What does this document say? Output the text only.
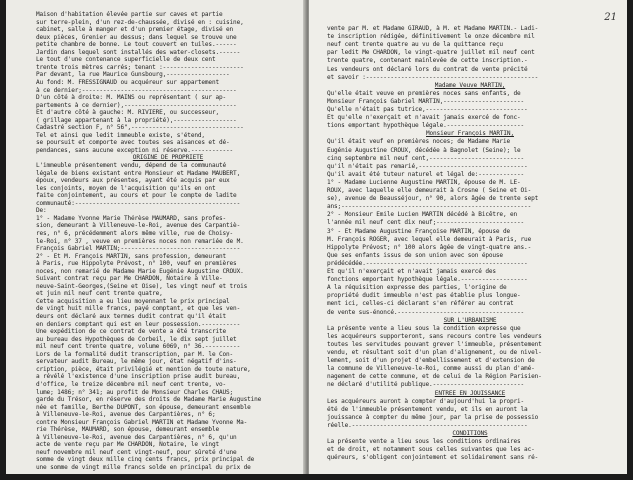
Maison d'habitation élevée partie sur caves et partie
sur terre-plein, d'un rez-de-chaussée, divisé en : cuisine,
cabinet, salle à manger et d'un premier étage, divisé en
deux pièces, Grenier au dessus; dans lequel se trouve une
petite chambre de bonne. Le tout couvert en tuiles.------
Jardin dans lequel sont installés des water-closets.------
Le tout d'une contenance superficielle de deux cent
trente trois mètres carrés; tenant :-----------------------
Par devant, la rue Maurice Gunsbourg,------------------
Au fond: M. FRESSIGNAUD ou acquéreur sur appartement
à ce dernier;--------------------------------------------
D'un côté à droite: M. MAINS ou représentant ( sur ap-
partements à ce dernier),--------------------------------
Et d'autre côté à gauche: M. RIVIERE, ou successeur,
( grillage appartenant à la propriété),------------------
Cadastré section F, n° 56",--------------------------------
Tel et ainsi que ledit immeuble existe, s'étend,
se poursuit et comporte avec toutes ses aisances et dé-
pendances, sans aucune exception ni réserve.------------
ORIGINE DE PROPRIETE
L'immeuble présentement vendu, dépend de la communauté
légale de biens existant entre Monsieur et Madame MAUBERT,
époux, vendeurs aux présentes, ayant été acquis par eux
les conjoints, moyen de l'acquisition qu'ils en ont
faite conjointement, au cours et pour le compte de ladite
communauté:-----------------------------------------------
De:
1° - Madame Yvonne Marie Thérèse MAUMARD, sans profes-
sion, demeurant à Villeneuve-le-Roi, avenue des Carpantiè-
res, n° 6, précédemment alors même ville, rue de Choisy-
le-Roi, n° 37 , veuve en premières noces non remariée de M.
François Gabriel MARTIN;----------------------------------
2° - Et M. François MARTIN, sans profession, demeurant
à Paris, rue Hippolyte Prévost, n° 100, veuf en premières
noces, non remarié de Madame Marie Eugénie Augustine CROUX.
Suivant contrat reçu par Me CHARDON, Notaire à Ville-
neuve-Saint-Georges,(Seine et Oise), les vingt neuf et trois
et juin mil neuf cent trente quatre,
Cette acquisition a eu lieu moyennant le prix principal
de vingt huit mille francs, payé comptant, et que les ven-
deurs ont déclaré aux termes dudit contrat qu'il était
en deniers comptant qui est en leur possession.-----------
Une expédition de ce contrat de vente a été transcrite
au bureau des Hypothèques de Corbeil, le dix sept juillet
mil neuf cent trente quatre, volume 6069, n° 36.----------
Lors de la formalité dudit transcription, par M. le Con-
servateur audit Bureau, le même jour, état négatif d'ins-
cription, pièce, était privilégié et mention de toute nature,
a révélé l'existence d'une inscription prise audit bureau,
d'office, le treize décembre mil neuf cent trente, vo-
lume; 1486; n° 341; au profit de Monsieur Charles CHAUS;
garde du Trésor, en réserve des droits de Madame Marie Augustine
née et famille, Berthe DUPONT, son épouse, demeurant ensemble
à Villeneuve-le-Roi, avenue des Carpantières, n° 6;
contre Monsieur François Gabriel MARTIN et Madame Yvonne Ma-
rie Thérèse, MAUMARD, son épouse, demeurant ensemble
à Villeneuve-le-Roi, avenue des Carpantières, n° 6, qu'un
acte de vente reçu par Me CHARDON, Notaire, le vingt
neuf novembre mil neuf cent vingt-neuf, pour sûreté d'une
somme de vingt deux mille cinq cents francs, prix principal de
une somme de vingt mille francs solde en principal du prix de
21
vente par M. et Madame GIRAUD, à M. et Madame MARTIN.- Ladi-
te inscription rédigée, définitivement le onze décembre mil
neuf cent trente quatre au vu de la quittance reçu
par ledit Me CHARDON, le vingt-quatre juillet mil neuf cent
trente quatre, contenant mainlevée de cette inscription.-
Les vendeurs ont déclaré lors du contrat de vente précité
et savoir :-------------------------------------------------
Madame Veuve MARTIN,
Qu'elle était veuve en premières noces sans enfants, de
Monsieur François Gabriel MARTIN,-----------------------
Qu'elle n'était pas tutrice,-----------------------------
Et qu'elle n'exerçait et n'avait jamais exercé de fonc-
tions emportant hypothèque légale.----------------------
Monsieur François MARTIN,
Qu'il était veuf en premières noces; de Madame Marie
Eugénie Augustine CROUX, décédée à Bagnolet (Seine); le
cinq septembre mil neuf cent,---------------------------
qu'il n'était pas remarié,-------------------------------
Qu'il avait été tuteur naturel et légal de:-------------
1° - Madame Lucienne Augustine MARTIN, épouse de M. LE-
ROUX, avec laquelle elle demeurait à Crosne ( Seine et Oi-
se), avenue de Beausséjour, n° 90, alors âgée de trente sept
ans;------------------------------------------------------
2° - Monsieur Emile Lucien MARTIN décédé à Bicêtre, en
l'année mil neuf cent dix neuf;-------------------------
3° - Et Madame Augustine Françoise MARTIN, épouse de
M. François ROGER, avec lequel elle demeurait à Paris, rue
Hippolyte Prévost; n° 100 alors âgée de vingt-quatre ans.-
Que ses enfants issus de son union avec son épouse
prédécédée.----------------------------------------------
Et qu'il n'exerçait et n'avait jamais exercé des
fonctions emportant hypothèque légale.-------------------
A la réquisition expresse des parties, l'origine de
propriété dudit immeuble n'est pas établie plus longue-
ment ici, celles-ci déclarant s'en référer au contrat
de vente sus-énoncé.------------------------------------
SUR L'URBANISME
La présente vente a lieu sous la condition expresse que
les acquéreurs supporteront, sans recours contre les vendeurs
toutes les servitudes pouvant grever l'immeuble, présentement
vendu, et résultant soit d'un plan d'alignement, ou de nivel-
lement, soit d'un projet d'embellissement et d'extension de
la commune de Villeneuve-le-Roi, comme aussi du plan d'amé-
nagement de cette commune, et de celui de la Région Parisien-
ne déclaré d'utilité publique.--------------------------
ENTREE EN JOUISSANCE
Les acquéreurs auront à compter d'aujourd'hui la propri-
été de l'immeuble présentement vendu, et ils en auront la
jouissance à compter du même jour, par la prise de possessio
réelle.--------------------------------------------------
CONDITIONS
La présente vente a lieu sous les conditions ordinaires
et de droit, et notamment sous celles suivantes que les ac-
quéreurs, s'obligent conjointement et solidairement sans ré-
